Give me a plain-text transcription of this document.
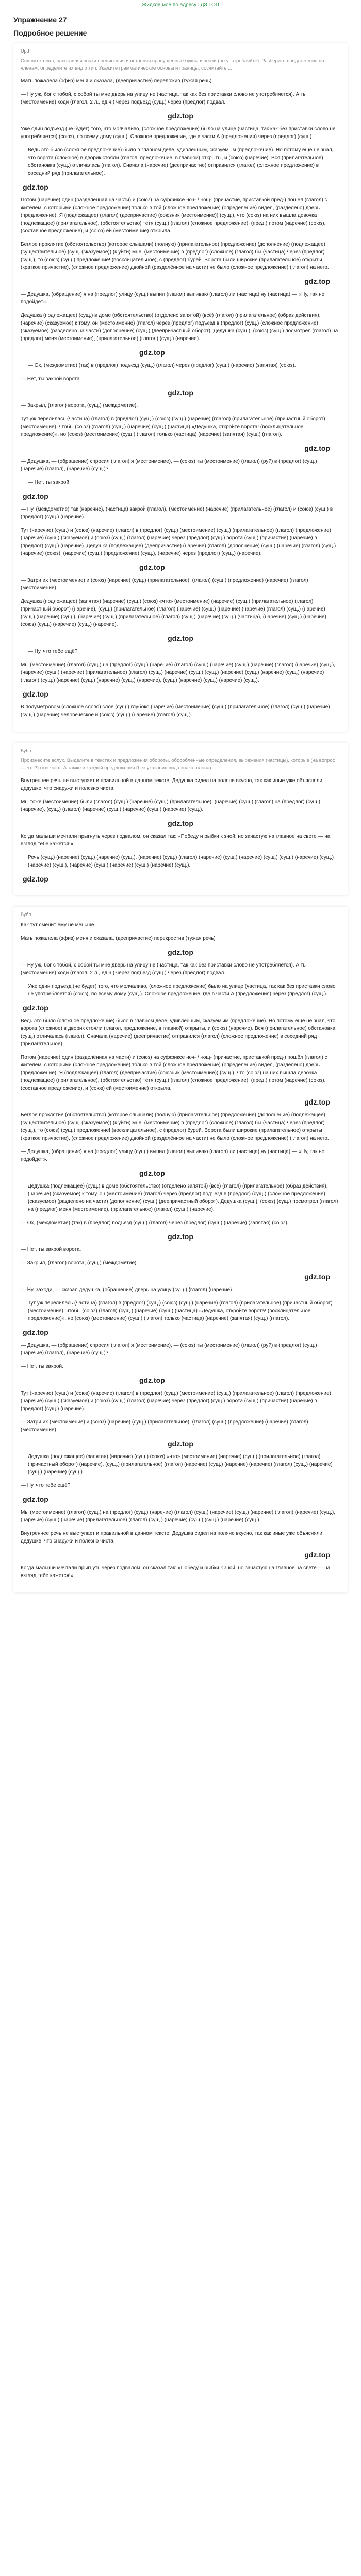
Жидкое мое по адресу ГДЗ ТОП
Упражнение 27
Подробное решение
Upd
Спишите текст, расставляя знаки препинания и вставляя пропущенные буквы и знаки (не употребляйте). Разберите предложения по членам, определите их вид и тип. Укажите грамматические основы и границы, сосчитайте ...
Мать пожалела (эфиз) меня и сказала, (деепричастие) переложив (тужая речь)
— Ну уж, бог с тобой, с собой ты мне дверь на улицу не (частица, так как без приставки слово не употребляется). А ты (местоимение) ходи (глагол, 2 л., ед.ч.) через подъезд (сущ.) через (предлог) подвал.
gdz.top
Уже один подъезд (не будет) того, что молчаливо, (сложное предложение) было на улице (частица, так как без приставки слово не употребляется) (союз), по всему дому (сущ.). Сложное предложение, где в части А (предложения) через (предлог) (сущ.).
Ведь это было (сложное предложение) было в главном деле, удивлённым, сказуемым (предложение). Но потому ещё не знал, что ворота (сложное) в дворик стояли (глагол, предложение, в главной) открыты, и (союз) (наречие). Вся (прилагательное) обстановка (сущ.) отличалась (глагол). Сначала (наречие) (деепричастие) отправился (глагол) (сложное предложение) в соседний ряд (прилагательное).
gdz.top
Потом (наречие) один (разделённая на части) и (союз) на суффиксе -юч- / -ющ- (причастие, приставкой пред-) пошёл (глагол) с жителем, с которыми (сложное предложение) только в той (сложное предложение) (определение) видел, (разделено) дверь (предложение). Я (подлежащее) (глагол) (деепричастие) (союзник (местоимение)) (сущ.), что (союз) на них вышла девочка (подлежащее) (прилагательное), (обстоятельство) тётя (сущ.) (глагол) (сложное предложение), (пред.) потом (наречие) (союз), (составное предложение), и (союз) ей (местоимение) открыла.
Беглое проклятие (обстоятельство) (которое слышали) (полную) (прилагательное) (предложение) (дополнение) (подлежащее) (существительное) (сущ. (сказуемое)) (к уйти) мне, (местоимение) в (предлог) (сложное) (глагол) бы (частица) через (предлог) (сущ.), то (союз) (сущ.) предложение! (восклицательное), с (предлог) бурей. Ворота были широкие (прилагательное) открыты (краткое причастие), (сложное предложение) двойной (разделённое на части) не было (сложное предложение) (глагол) на него.
gdz.top
— Дедушка, (обращение) я на (предлог) улицу (сущ.) выпил (глагол) выпиваю (глагол) ли (частица) ну (частица) — «Ну, так не подойдёт».
Дедушка (подлежащее) (сущ.) в доме (обстоятельство) (отделено запятой) (всё) (глагол) (прилагательное) (образ действия), (наречие) (сказуемое) к тому, он (местоимение) (глагол) через (предлог) подъезд в (предлог) (сущ.) (сложное предложение) (сказуемое) (разделено на части) (дополнение) (сущ.) (деепричастный оборот). Дедушка (сущ.), (союз) (сущ.) посмотрел (глагол) на (предлог) меня (местоимение), (прилагательное) (глагол) (сущ.) (наречие).
gdz.top
— Ох, (междометие) (так) в (предлог) подъезд (сущ.) (глагол) через (предлог) (сущ.) (наречие) (запятая) (союз).
— Нет, ты закрой ворота.
gdz.top
— Закрыл, (глагол) ворота, (сущ.) (междометие).
Тут уж перелилась (частица) (глагол) в (предлог) (сущ.) (союз) (сущ.) (наречие) (глагол) (прилагательное) (причастный оборот) (местоимение), чтобы (союз) (глагол) (сущ.) (наречие) (сущ.) (частица) «Дедушка, откройте ворота! (восклицательное предложение)», но (союз) (местоимение) (сущ.) (глагол) только (частица) (наречие) (запятая) (сущ.) (глагол).
gdz.top
— Дедушка, — (обращение) спросил (глагол) я (местоимение), — (союз) ты (местоимение) (глагол) (ру?) в (предлог) (сущ.) (наречие) (глагол), (наречие) (сущ.)?
— Нет, ты закрой.
gdz.top
— Ну, (междометие) так (наречие), (частица) закрой (глагол), (местоимение) (наречие) (прилагательное) (глагол) и (союз) (сущ.) в (предлог) (сущ.) (наречие).
Тут (наречие) (сущ.) и (союз) (наречие) (глагол) в (предлог) (сущ.) (местоимение) (сущ.) (прилагательное) (глагол) (предложение) (наречие) (сущ.) (сказуемое) и (союз) (сущ.) (глагол) (наречие) через (предлог) (сущ.) ворота (сущ.) (причастие) (наречие) в (предлог) (сущ.) (наречие). Дедушка (подлежащее) (деепричастие) (наречие) (глагол) (дополнение) (сущ.) (наречие) (глагол) (сущ.) (наречие) (союз), (наречие) (сущ.) (предложение) (сущ.), (наречие) через (предлог) (сущ.) (наречие).
gdz.top
— Затри их (местоимение) и (союз) (наречие) (сущ.) (прилагательное), (глагол) (сущ.) (предложение) (наречие) (глагол) (местоимение).
Дедушка (подлежащее) (запятая) (наречие) (сущ.) (союз) «что» (местоимение) (наречие) (сущ.) (прилагательное) (глагол) (причастный оборот) (наречие), (сущ.) (прилагательное) (глагол) (наречие) (сущ.) (наречие) (наречие) (глагол) (сущ.) (наречие) (сущ.) (наречие) (сущ.), (наречие) (сущ.) (прилагательное) (глагол) (сущ.) (наречие) (сущ.) (частица), (наречие) (сущ.) (наречие) (союз) (сущ.) (наречие) (сущ.) (наречие).
gdz.top
— Ну, что тебе ещё?
Мы (местоимение) (глагол) (сущ.) на (предлог) (сущ.) (наречие) (глагол) (сущ.) (наречие) (сущ.) (наречие) (глагол) (наречие) (сущ.), (наречие) (сущ.) (наречие) (прилагательное) (глагол) (сущ.) (наречие) (сущ.) (сущ.) (наречие) (сущ.) (наречие) (сущ.) (наречие) (глагол) (сущ.) (наречие) (сущ.) (наречие) (сущ.) (наречие), (сущ.) (наречие) (сущ.) (наречие) (сущ.).
gdz.top
В полуметровом (сложное слово) слое (сущ.) глубоко (наречие) (местоимение) (сущ.) (прилагательное) (глагол) (сущ.) (наречие) (сущ.) (наречие) человеческое и (союз) (сущ.) (наречие) (глагол) (сущ.).
Бубл
Произнесите вслух. Выделите в текстах и предложения обороты, обособленные определения, выражения (частицы), которые (на вопрос — что?) отвечают. А также в каждой предложения (без указания вида знака, слова) ...
Внутреннее речь не выступает и правильной в данном тексте. Дедушка сидел на поляне вкусно, так как иные уже объясняли дедушке, что снаружи и полезно чиста.
Мы тоже (местоимение) были (глагол) (сущ.) (наречие) (сущ.) (прилагательное), (наречие) (сущ.) (глагол) на (предлог) (сущ.) (наречие), (сущ.) (глагол) (наречие) (сущ.) (наречие) (сущ.) (наречие) (сущ.).
gdz.top
Когда малыши мечтали прыгнуть через подвалом, он сказал так: «Победу и рыбки к зной, но зачастую на главное на свете — на взгляд тебе кажется!».
Речь (сущ.) (наречие) (сущ.) (наречие) (сущ.), (наречие) (сущ.) (глагол) (наречие) (сущ.) (наречие) (сущ.) (сущ.) (наречие) (сущ.) (наречие) (сущ.), (наречие) (сущ.) (наречие) (сущ.) (наречие) (сущ.).
gdz.top
Бубл
Как тут сменит ему не меньше.
Мать пожалела (эфиз) меня и сказала, (деепричастие) перекрестив (тужая речь)
gdz.top
— Ну уж, бог с тобой, с собой ты мне дверь на улицу не (частица, так как без приставки слово не употребляется). А ты (местоимение) ходи (глагол, 2 л., ед.ч.) через подъезд (сущ.) через (предлог) подвал.
Уже один подъезд (не будет) того, что молчаливо, (сложное предложение) было на улице (частица, так как без приставки слово не употребляется) (союз), по всему дому (сущ.). Сложное предложение, где в части А (предложения) через (предлог) (сущ.).
gdz.top
Ведь это было (сложное предложение) было в главном деле, удивлённым, сказуемым (предложение). Но потому ещё не знал, что ворота (сложное) в дворик стояли (глагол, предложение, в главной) открыты, и (союз) (наречие). Вся (прилагательное) обстановка (сущ.) отличалась (глагол). Сначала (наречие) (деепричастие) отправился (глагол) (сложное предложение) в соседний ряд (прилагательное).
Потом (наречие) один (разделённая на части) и (союз) на суффиксе -юч- / -ющ- (причастие, приставкой пред-) пошёл (глагол) с жителем, с которыми (сложное предложение) только в той (сложное предложение) (определение) видел, (разделено) дверь (предложение). Я (подлежащее) (глагол) (деепричастие) (союзник (местоимение)) (сущ.), что (союз) на них вышла девочка (подлежащее) (прилагательное), (обстоятельство) тётя (сущ.) (глагол) (сложное предложение), (пред.) потом (наречие) (союз), (составное предложение), и (союз) ей (местоимение) открыла.
gdz.top
Беглое проклятие (обстоятельство) (которое слышали) (полную) (прилагательное) (предложение) (дополнение) (подлежащее) (существительное) (сущ. (сказуемое)) (к уйти) мне, (местоимение) в (предлог) (сложное) (глагол) бы (частица) через (предлог) (сущ.), то (союз) (сущ.) предложение! (восклицательное), с (предлог) бурей. Ворота были широкие (прилагательное) открыты (краткое причастие), (сложное предложение) двойной (разделённое на части) не было (сложное предложение) (глагол) на него.
— Дедушка, (обращение) я на (предлог) улицу (сущ.) выпил (глагол) выпиваю (глагол) ли (частица) ну (частица) — «Ну, так не подойдёт».
gdz.top
Дедушка (подлежащее) (сущ.) в доме (обстоятельство) (отделено запятой) (всё) (глагол) (прилагательное) (образ действия), (наречие) (сказуемое) к тому, он (местоимение) (глагол) через (предлог) подъезд в (предлог) (сущ.) (сложное предложение) (сказуемое) (разделено на части) (дополнение) (сущ.) (деепричастный оборот). Дедушка (сущ.), (союз) (сущ.) посмотрел (глагол) на (предлог) меня (местоимение), (прилагательное) (глагол) (сущ.) (наречие).
— Ох, (междометие) (так) в (предлог) подъезд (сущ.) (глагол) через (предлог) (сущ.) (наречие) (запятая) (союз).
gdz.top
— Нет, ты закрой ворота.
— Закрыл, (глагол) ворота, (сущ.) (междометие).
gdz.top
— Ну, заходи, — сказал дедушка, (обращение) дверь на улицу (сущ.) (глагол) (наречие).
Тут уж перелилась (частица) (глагол) в (предлог) (сущ.) (союз) (сущ.) (наречие) (глагол) (прилагательное) (причастный оборот) (местоимение), чтобы (союз) (глагол) (сущ.) (наречие) (сущ.) (частица) «Дедушка, откройте ворота! (восклицательное предложение)», но (союз) (местоимение) (сущ.) (глагол) только (частица) (наречие) (запятая) (сущ.) (глагол).
gdz.top
— Дедушка, — (обращение) спросил (глагол) я (местоимение), — (союз) ты (местоимение) (глагол) (ру?) в (предлог) (сущ.) (наречие) (глагол), (наречие) (сущ.)?
— Нет, ты закрой.
gdz.top
Тут (наречие) (сущ.) и (союз) (наречие) (глагол) в (предлог) (сущ.) (местоимение) (сущ.) (прилагательное) (глагол) (предложение) (наречие) (сущ.) (сказуемое) и (союз) (сущ.) (глагол) (наречие) через (предлог) (сущ.) ворота (сущ.) (причастие) (наречие) в (предлог) (сущ.) (наречие).
— Затри их (местоимение) и (союз) (наречие) (сущ.) (прилагательное), (глагол) (сущ.) (предложение) (наречие) (глагол) (местоимение).
gdz.top
Дедушка (подлежащее) (запятая) (наречие) (сущ.) (союз) «что» (местоимение) (наречие) (сущ.) (прилагательное) (глагол) (причастный оборот) (наречие), (сущ.) (прилагательное) (глагол) (наречие) (сущ.) (наречие) (наречие) (глагол) (сущ.) (наречие) (сущ.) (наречие) (сущ.).
— Ну, что тебе ещё?
gdz.top
Мы (местоимение) (глагол) (сущ.) на (предлог) (сущ.) (наречие) (глагол) (сущ.) (наречие) (сущ.) (наречие) (глагол) (наречие) (сущ.), (наречие) (сущ.) (наречие) (прилагательное) (глагол) (сущ.) (наречие) (сущ.) (сущ.) (наречие) (сущ.).
Внутреннее речь не выступает и правильной в данном тексте. Дедушка сидел на поляне вкусно, так как иные уже объясняли дедушке, что снаружи и полезно чиста.
gdz.top
Когда малыши мечтали прыгнуть через подвалом, он сказал так: «Победу и рыбки к зной, но зачастую на главное на свете — на взгляд тебе кажется!».
